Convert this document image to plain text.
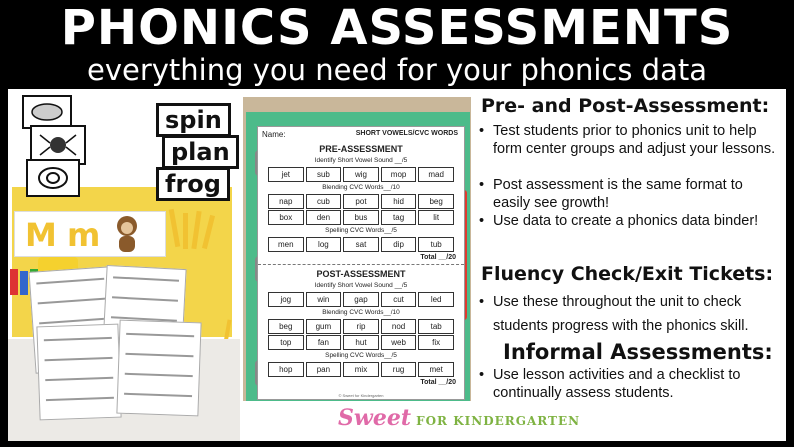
PHONICS ASSESSMENTS
everything you need for your phonics data
spin
plan
frog
M m
Name:	SHORT VOWELS/CVC WORDS
PRE-ASSESSMENT
Identify Short Vowel Sound __/5
jet	sub	wig	mop	mad
Blending CVC Words__/10
nap	cub	pot	hid	beg
box	den	bus	tag	lit
Spelling CVC Words__/5
men	log	sat	dip	tub
Total __/20
POST-ASSESSMENT
Identify Short Vowel Sound __/5
jog	win	gap	cut	led
Blending CVC Words__/10
beg	gum	rip	nod	tab
top	fan	hut	web	fix
Spelling CVC Words__/5
hop	pan	mix	rug	met
Total __/20
© Sweet for Kindergarten
Pre- and Post-Assessment:
• Test students prior to phonics unit to help form center groups and adjust your lessons.
• Post assessment is the same format to easily see growth!
• Use data to create a phonics data binder!
Fluency Check/Exit Tickets:
• Use these throughout the unit to check students progress with the phonics skill.
Informal Assessments:
• Use lesson activities and a checklist to continually assess students.
Sweet FOR KINDERGARTEN
